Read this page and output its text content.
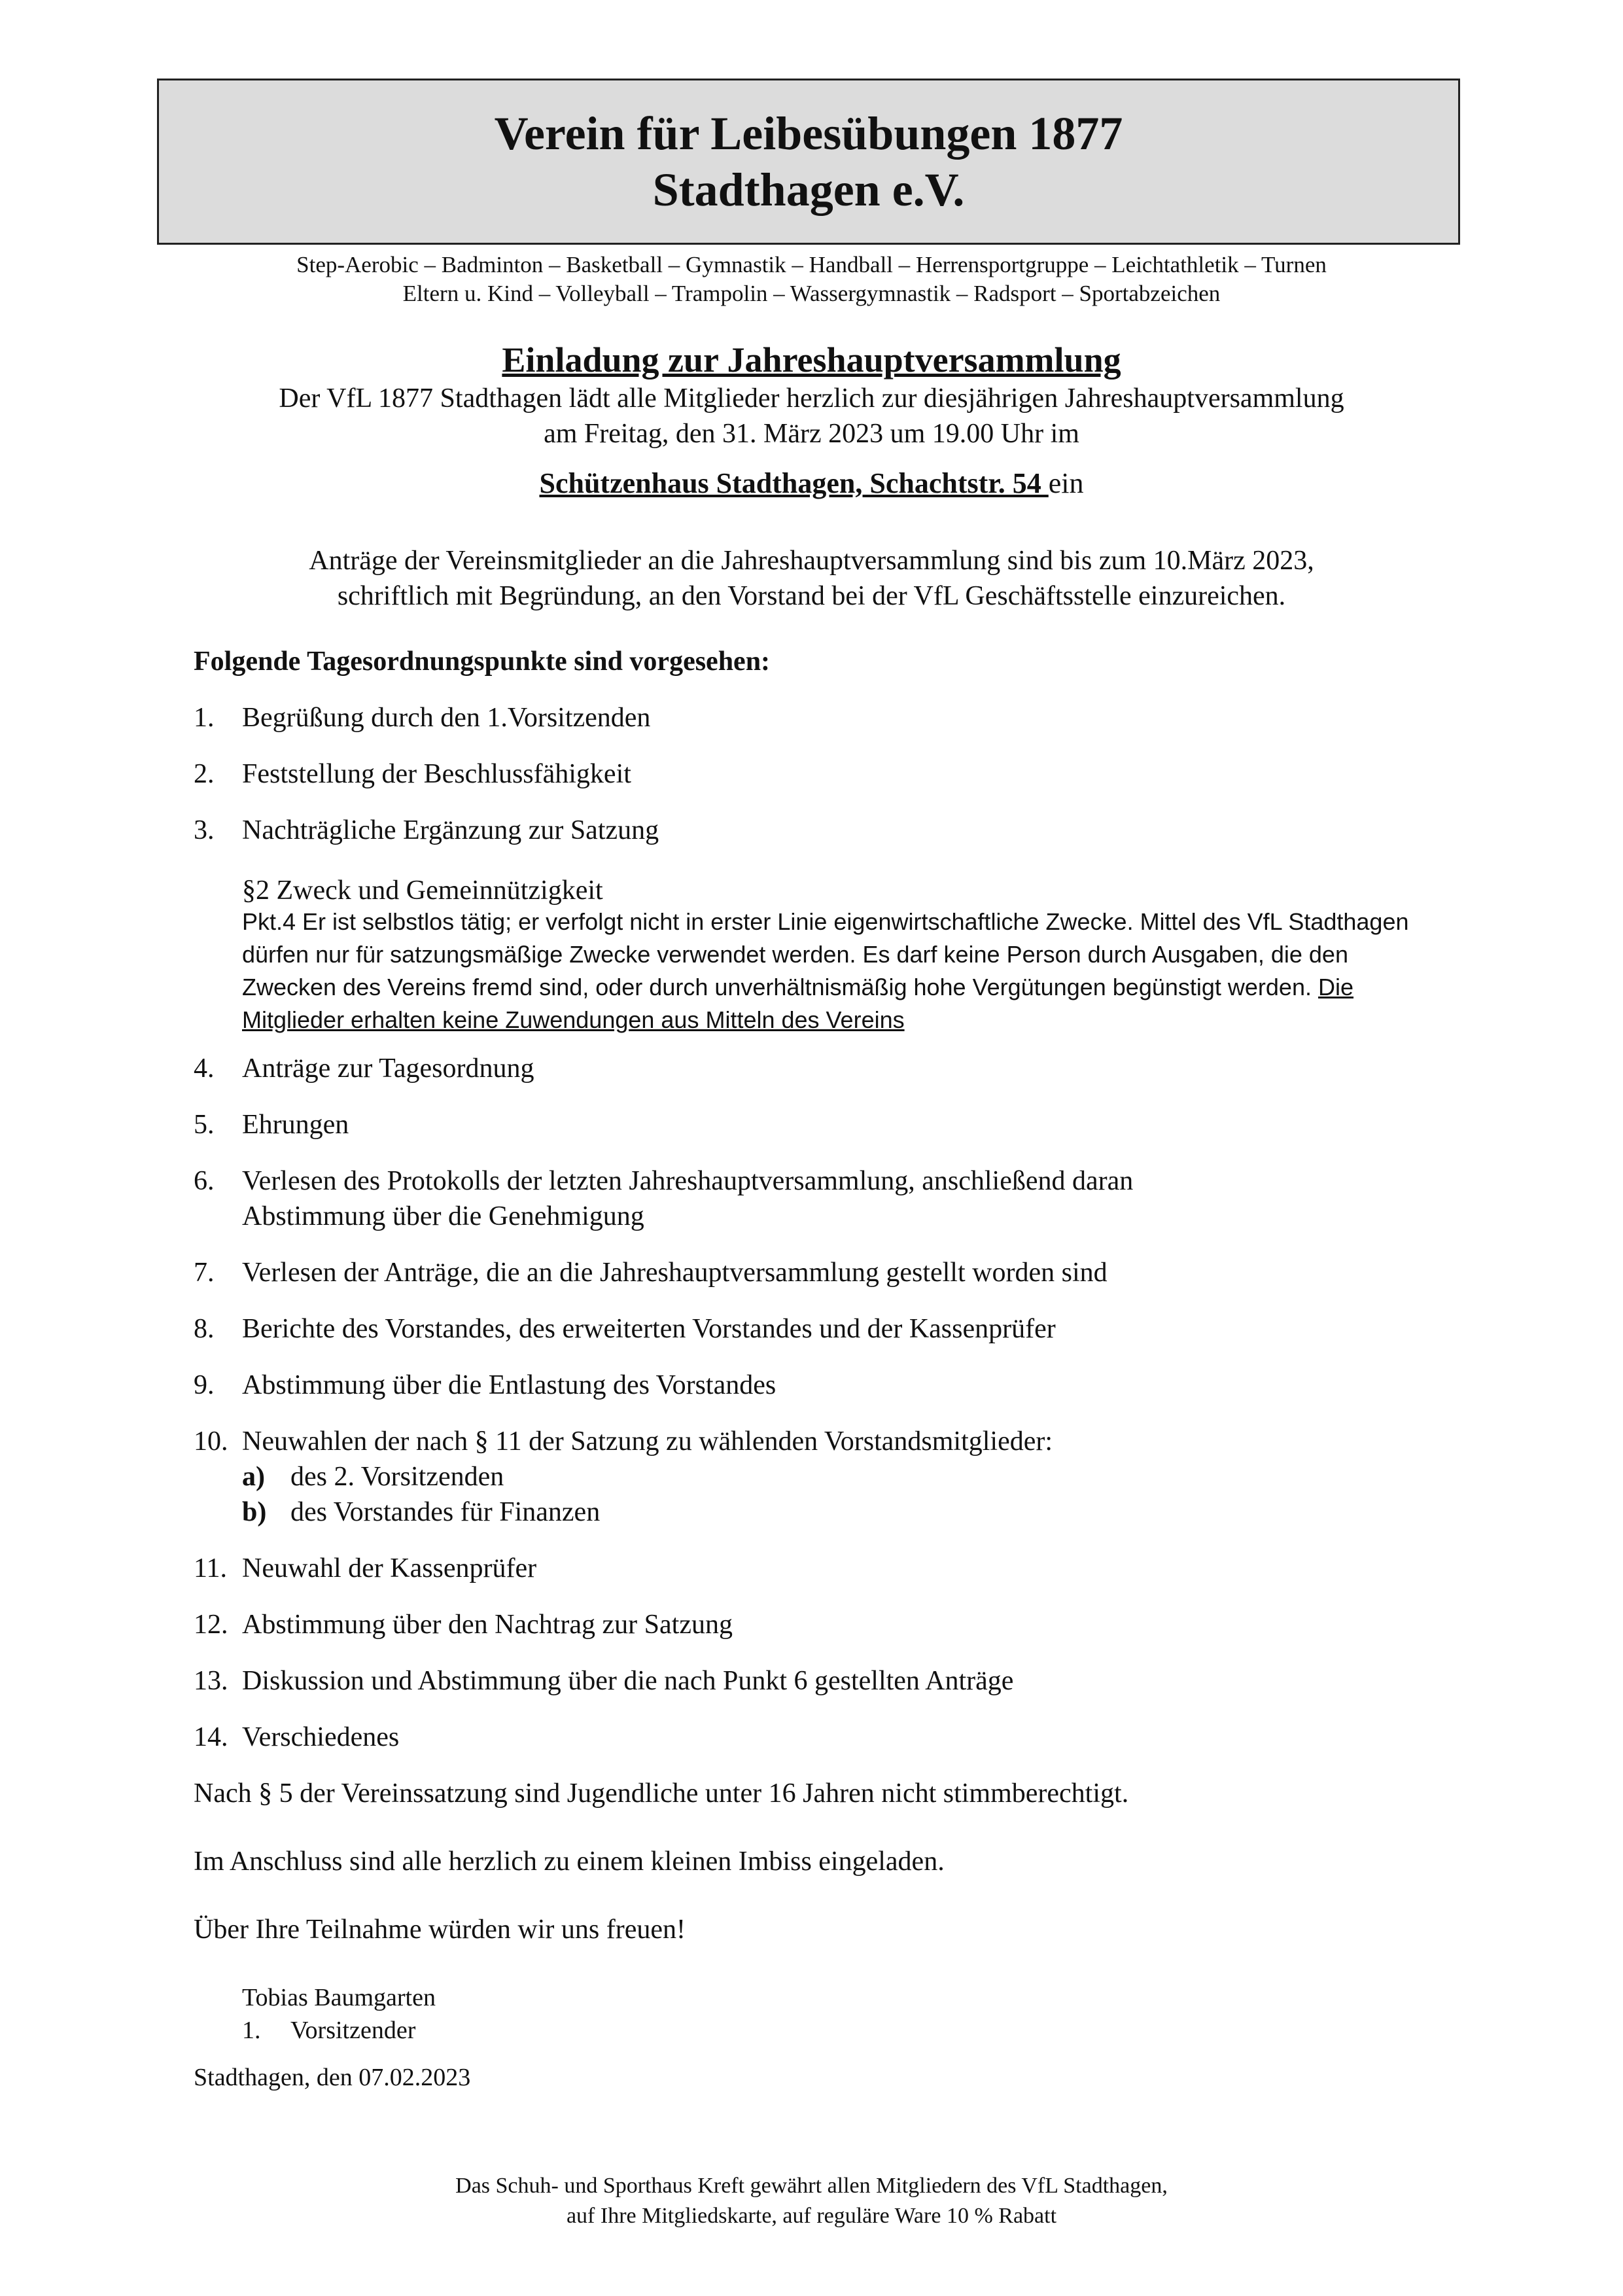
Verein für Leibesübungen 1877
Stadthagen e.V.
Step-Aerobic – Badminton – Basketball – Gymnastik – Handball – Herrensportgruppe – Leichtathletik – Turnen
Eltern u. Kind – Volleyball – Trampolin – Wassergymnastik – Radsport – Sportabzeichen
Einladung zur Jahreshauptversammlung
Der VfL 1877 Stadthagen lädt alle Mitglieder herzlich zur diesjährigen Jahreshauptversammlung
am Freitag, den 31. März 2023 um 19.00 Uhr im
Schützenhaus Stadthagen, Schachtstr. 54 ein
Anträge der Vereinsmitglieder an die Jahreshauptversammlung sind bis zum 10.März 2023,
schriftlich mit Begründung, an den Vorstand bei der VfL Geschäftsstelle einzureichen.
Folgende Tagesordnungspunkte sind vorgesehen:
1.	Begrüßung durch den 1.Vorsitzenden
2.	Feststellung der Beschlussfähigkeit
3.	Nachträgliche Ergänzung zur Satzung
§2 Zweck und Gemeinnützigkeit
Pkt.4 Er ist selbstlos tätig; er verfolgt nicht in erster Linie eigenwirtschaftliche Zwecke. Mittel des VfL Stadthagen dürfen nur für satzungsmäßige Zwecke verwendet werden. Es darf keine Person durch Ausgaben, die den Zwecken des Vereins fremd sind, oder durch unverhältnismäßig hohe Vergütungen begünstigt werden. Die Mitglieder erhalten keine Zuwendungen aus Mitteln des Vereins
4.	Anträge zur Tagesordnung
5.	Ehrungen
6.	Verlesen des Protokolls der letzten Jahreshauptversammlung, anschließend daran
Abstimmung über die Genehmigung
7.	Verlesen der Anträge, die an die Jahreshauptversammlung gestellt worden sind
8.	Berichte des Vorstandes, des erweiterten Vorstandes und der Kassenprüfer
9.	Abstimmung über die Entlastung des Vorstandes
10. Neuwahlen der nach § 11 der Satzung zu wählenden Vorstandsmitglieder:
a) des 2. Vorsitzenden
b) des Vorstandes für Finanzen
11. Neuwahl der Kassenprüfer
12. Abstimmung über den Nachtrag zur Satzung
13. Diskussion und Abstimmung über die nach Punkt 6 gestellten Anträge
14. Verschiedenes
Nach § 5 der Vereinssatzung sind Jugendliche unter 16 Jahren nicht stimmberechtigt.
Im Anschluss sind alle herzlich zu einem kleinen Imbiss eingeladen.
Über Ihre Teilnahme würden wir uns freuen!
Tobias Baumgarten
1. Vorsitzender
Stadthagen, den 07.02.2023
Das Schuh- und Sporthaus Kreft gewährt allen Mitgliedern des VfL Stadthagen,
auf Ihre Mitgliedskarte, auf reguläre Ware 10 % Rabatt
